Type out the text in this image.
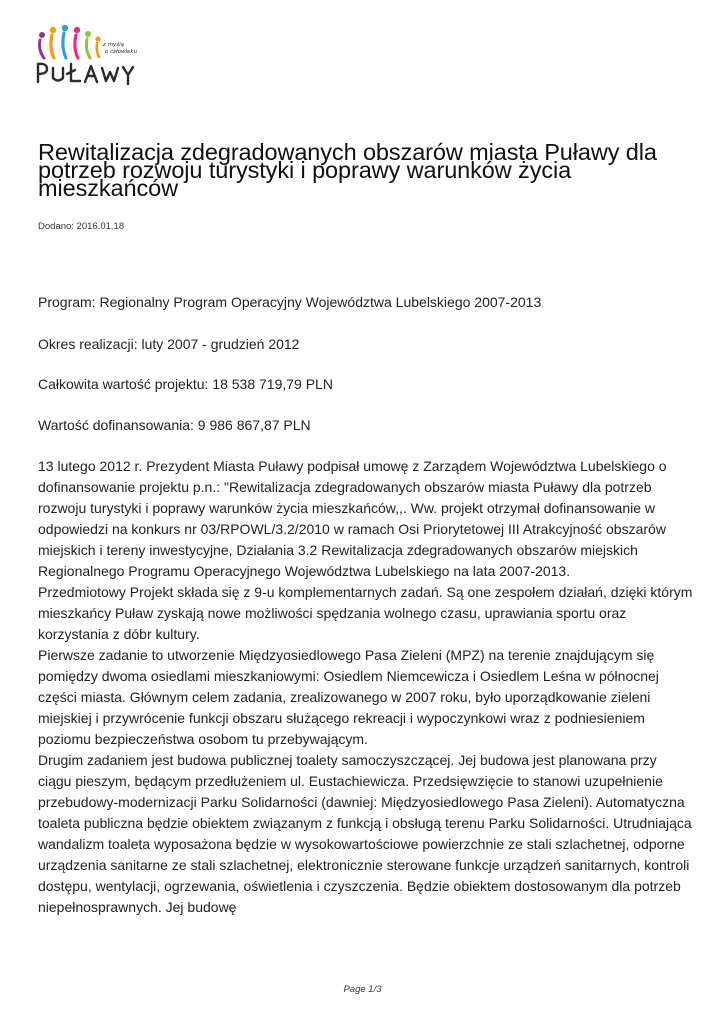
z myślą
o człowieku
Rewitalizacja zdegradowanych obszarów miasta Puławy dla potrzeb rozwoju turystyki i poprawy warunków życia mieszkańców
Dodano: 2016.01.18
Program: Regionalny Program Operacyjny Województwa Lubelskiego 2007-2013
Okres realizacji: luty 2007 - grudzień 2012
Całkowita wartość projektu: 18 538 719,79 PLN
Wartość dofinansowania: 9 986 867,87 PLN

13 lutego 2012 r. Prezydent Miasta Puławy podpisał umowę z Zarządem Województwa Lubelskiego o dofinansowanie projektu p.n.: "Rewitalizacja zdegradowanych obszarów miasta Puławy dla potrzeb rozwoju turystyki i poprawy warunków życia mieszkańców,,. Ww. projekt otrzymał dofinansowanie w odpowiedzi na konkurs nr 03/RPOWL/3.2/2010 w ramach Osi Priorytetowej III Atrakcyjność obszarów miejskich i tereny inwestycyjne, Działania 3.2 Rewitalizacja zdegradowanych obszarów miejskich Regionalnego Programu Operacyjnego Województwa Lubelskiego na lata 2007-2013.

Przedmiotowy Projekt składa się z 9-u komplementarnych zadań. Są one zespołem działań, dzięki którym mieszkańcy Puław zyskają nowe możliwości spędzania wolnego czasu, uprawiania sportu oraz korzystania z dóbr kultury.

Pierwsze zadanie to utworzenie Międzyosiedlowego Pasa Zieleni (MPZ) na terenie znajdującym się pomiędzy dwoma osiedlami mieszkaniowymi: Osiedlem Niemcewicza i Osiedlem Leśna w północnej części miasta. Głównym celem zadania, zrealizowanego w 2007 roku, było uporządkowanie zieleni miejskiej i przywrócenie funkcji obszaru służącego rekreacji i wypoczynkowi wraz z podniesieniem poziomu bezpieczeństwa osobom tu przebywającym.

Drugim zadaniem jest budowa publicznej toalety samoczyszczącej. Jej budowa jest planowana przy ciągu pieszym, będącym przedłużeniem ul. Eustachiewicza. Przedsięwzięcie to stanowi uzupełnienie przebudowy-modernizacji Parku Solidarności (dawniej: Międzyosiedlowego Pasa Zieleni). Automatyczna toaleta publiczna będzie obiektem związanym z funkcją i obsługą terenu Parku Solidarności. Utrudniająca wandalizm toaleta wyposażona będzie w wysokowartościowe powierzchnie ze stali szlachetnej, odporne urządzenia sanitarne ze stali szlachetnej, elektronicznie sterowane funkcje urządzeń sanitarnych, kontroli dostępu, wentylacji, ogrzewania, oświetlenia i czyszczenia. Będzie obiektem dostosowanym dla potrzeb niepełnosprawnych. Jej budowę

Page 1/3
